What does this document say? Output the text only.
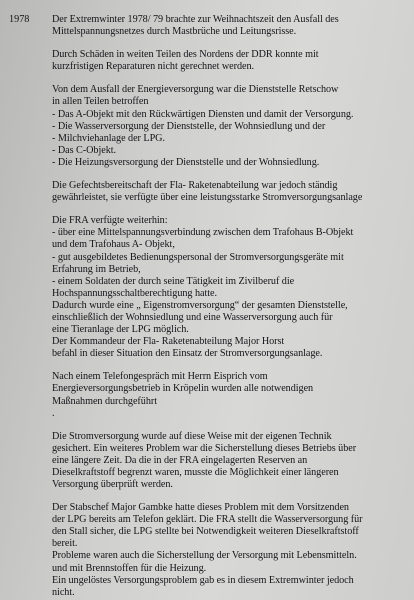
1978 Der Extremwinter 1978/ 79 brachte zur Weihnachtszeit den Ausfall des
Mittelspannungsnetzes durch Mastbrüche und Leitungsrisse.
Durch Schäden in weiten Teilen des Nordens der DDR konnte mit
kurzfristigen Reparaturen nicht gerechnet werden.
Von dem Ausfall der Energieversorgung war die Dienststelle Retschow
in allen Teilen betroffen
- Das A-Objekt mit den Rückwärtigen Diensten und damit der Versorgung.
- Die Wasserversorgung der Dienststelle, der Wohnsiedlung und der
- Milchviehanlage der LPG.
- Das C-Objekt.
- Die Heizungsversorgung der Dienststelle und der Wohnsiedlung.
Die Gefechtsbereitschaft der Fla- Raketenabteilung war jedoch ständig
gewährleistet, sie verfügte über eine leistungsstarke Stromversorgungsanlage
Die FRA verfügte weiterhin:
- über eine Mittelspannungsverbindung zwischen dem Trafohaus B-Objekt
und dem Trafohaus A- Objekt,
- gut ausgebildetes Bedienungspersonal der Stromversorgungsgeräte mit
Erfahrung im Betrieb,
- einem Soldaten der durch seine Tätigkeit im Zivilberuf die
Hochspannungsschaltberechtigung hatte.
Dadurch wurde eine „ Eigenstromversorgung“ der gesamten Dienststelle,
einschließlich der Wohnsiedlung und eine Wasserversorgung auch für
eine Tieranlage der LPG möglich.
Der Kommandeur der Fla- Raketenabteilung Major Horst
befahl in dieser Situation den Einsatz der Stromversorgungsanlage.
Nach einem Telefongespräch mit Herrn Eisprich vom
Energieversorgungsbetrieb in Kröpelin wurden alle notwendigen
Maßnahmen durchgeführt
.
Die Stromversorgung wurde auf diese Weise mit der eigenen Technik
gesichert. Ein weiteres Problem war die Sicherstellung dieses Betriebs über
eine längere Zeit. Da die in der FRA eingelagerten Reserven an
Dieselkraftstoff begrenzt waren, musste die Möglichkeit einer längeren
Versorgung überprüft werden.
Der Stabschef Major Gambke hatte dieses Problem mit dem Vorsitzenden
der LPG bereits am Telefon geklärt. Die FRA stellt die Wasserversorgung für
den Stall sicher, die LPG stellte bei Notwendigkeit weiteren Dieselkraftstoff
bereit.
Probleme waren auch die Sicherstellung der Versorgung mit Lebensmitteln.
und mit Brennstoffen für die Heizung.
Ein ungelöstes Versorgungsproblem gab es in diesem Extremwinter jedoch
nicht.
